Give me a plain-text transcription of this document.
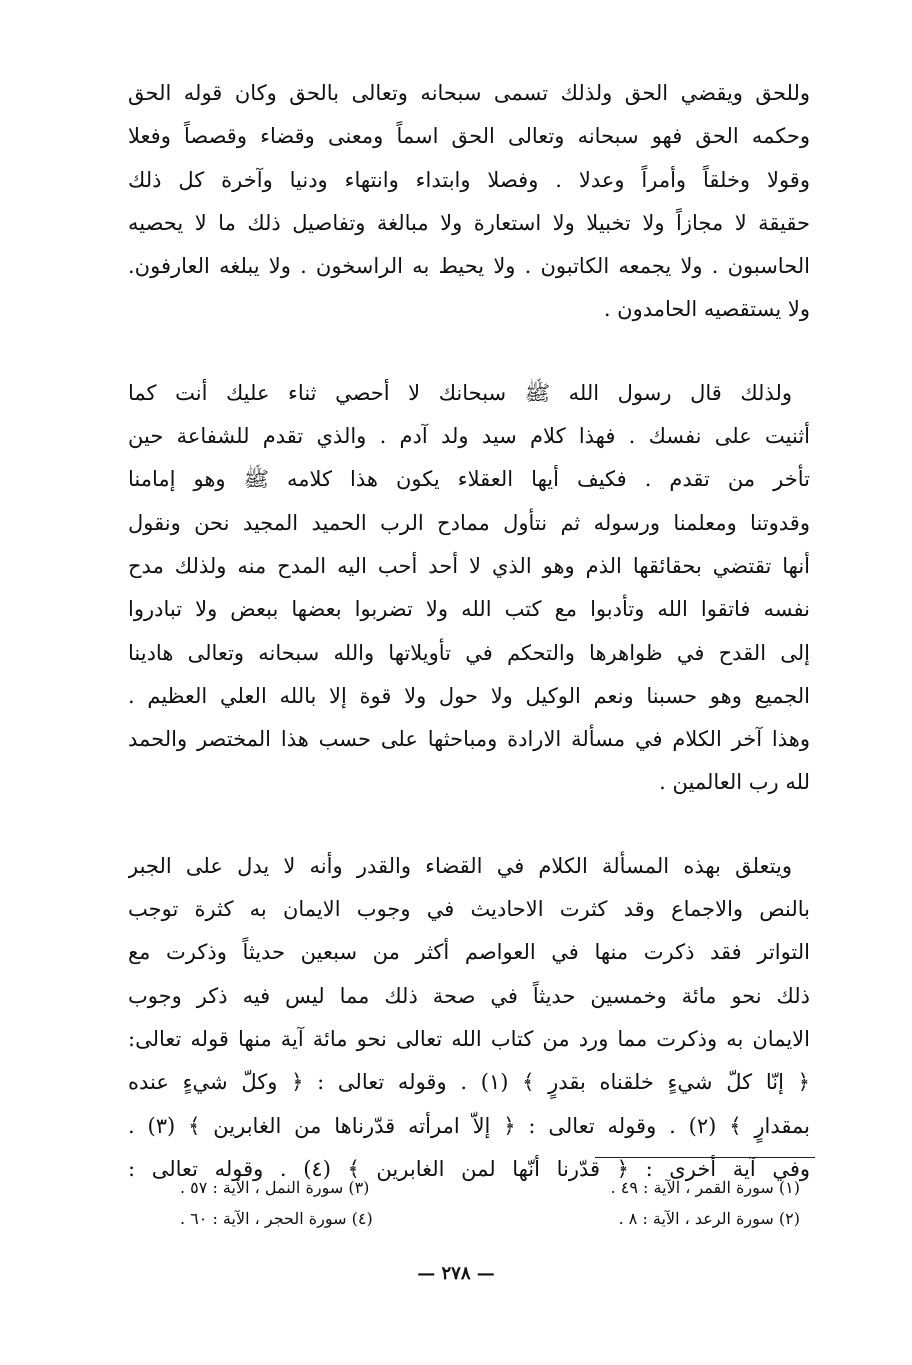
وللحق ويقضي الحق ولذلك تسمى سبحانه وتعالى بالحق وكان قوله الحق
وحكمه الحق فهو سبحانه وتعالى الحق اسماً ومعنى وقضاء وقصصاً وفعلا
وقولا وخلقاً وأمراً وعدلا . وفصلا وابتداء وانتهاء ودنيا وآخرة كل ذلك
حقيقة لا مجازاً ولا تخبيلا ولا استعارة ولا مبالغة وتفاصيل ذلك ما لا يحصيه
الحاسبون . ولا يجمعه الكاتبون . ولا يحيط به الراسخون . ولا يبلغه العارفون.
ولا يستقصيه الحامدون .

ولذلك قال رسول الله ﷺ سبحانك لا أحصي ثناء عليك أنت كما
أثنيت على نفسك . فهذا كلام سيد ولد آدم . والذي تقدم للشفاعة حين
تأخر من تقدم . فكيف أيها العقلاء يكون هذا كلامه ﷺ وهو إمامنا
وقدوتنا ومعلمنا ورسوله ثم نتأول ممادح الرب الحميد المجيد نحن ونقول
أنها تقتضي بحقائقها الذم وهو الذي لا أحد أحب اليه المدح منه ولذلك مدح
نفسه فاتقوا الله وتأدبوا مع كتب الله ولا تضربوا بعضها ببعض ولا تبادروا
إلى القدح في ظواهرها والتحكم في تأويلاتها والله سبحانه وتعالى هادينا
الجميع وهو حسبنا ونعم الوكيل ولا حول ولا قوة إلا بالله العلي العظيم .
وهذا آخر الكلام في مسألة الارادة ومباحثها على حسب هذا المختصر والحمد
لله رب العالمين .

ويتعلق بهذه المسألة الكلام في القضاء والقدر وأنه لا يدل على الجبر
بالنص والاجماع وقد كثرت الاحاديث في وجوب الايمان به كثرة توجب
التواتر فقد ذكرت منها في العواصم أكثر من سبعين حديثاً وذكرت مع
ذلك نحو مائة وخمسين حديثاً في صحة ذلك مما ليس فيه ذكر وجوب
الايمان به وذكرت مما ورد من كتاب الله تعالى نحو مائة آية منها قوله تعالى:
﴿ إنّا كلّ شيءٍ خلقناه بقدرٍ ﴾ (١) . وقوله تعالى : ﴿ وكلّ شيءٍ عنده
بمقدارٍ ﴾ (٢) . وقوله تعالى : ﴿ إلاّ امرأته قدّرناها من الغابرين ﴾ (٣) .
وفي آية أخرى : ﴿ قدّرنا أنّها لمن الغابرين ﴾ (٤) . وقوله تعالى :

(١) سورة القمر ، الآية : ٤٩ .
(٣) سورة النمل ، الآية : ٥٧ .
(٢) سورة الرعد ، الآية : ٨ .
(٤) سورة الحجر ، الآية : ٦٠ .
— ٢٧٨ —
